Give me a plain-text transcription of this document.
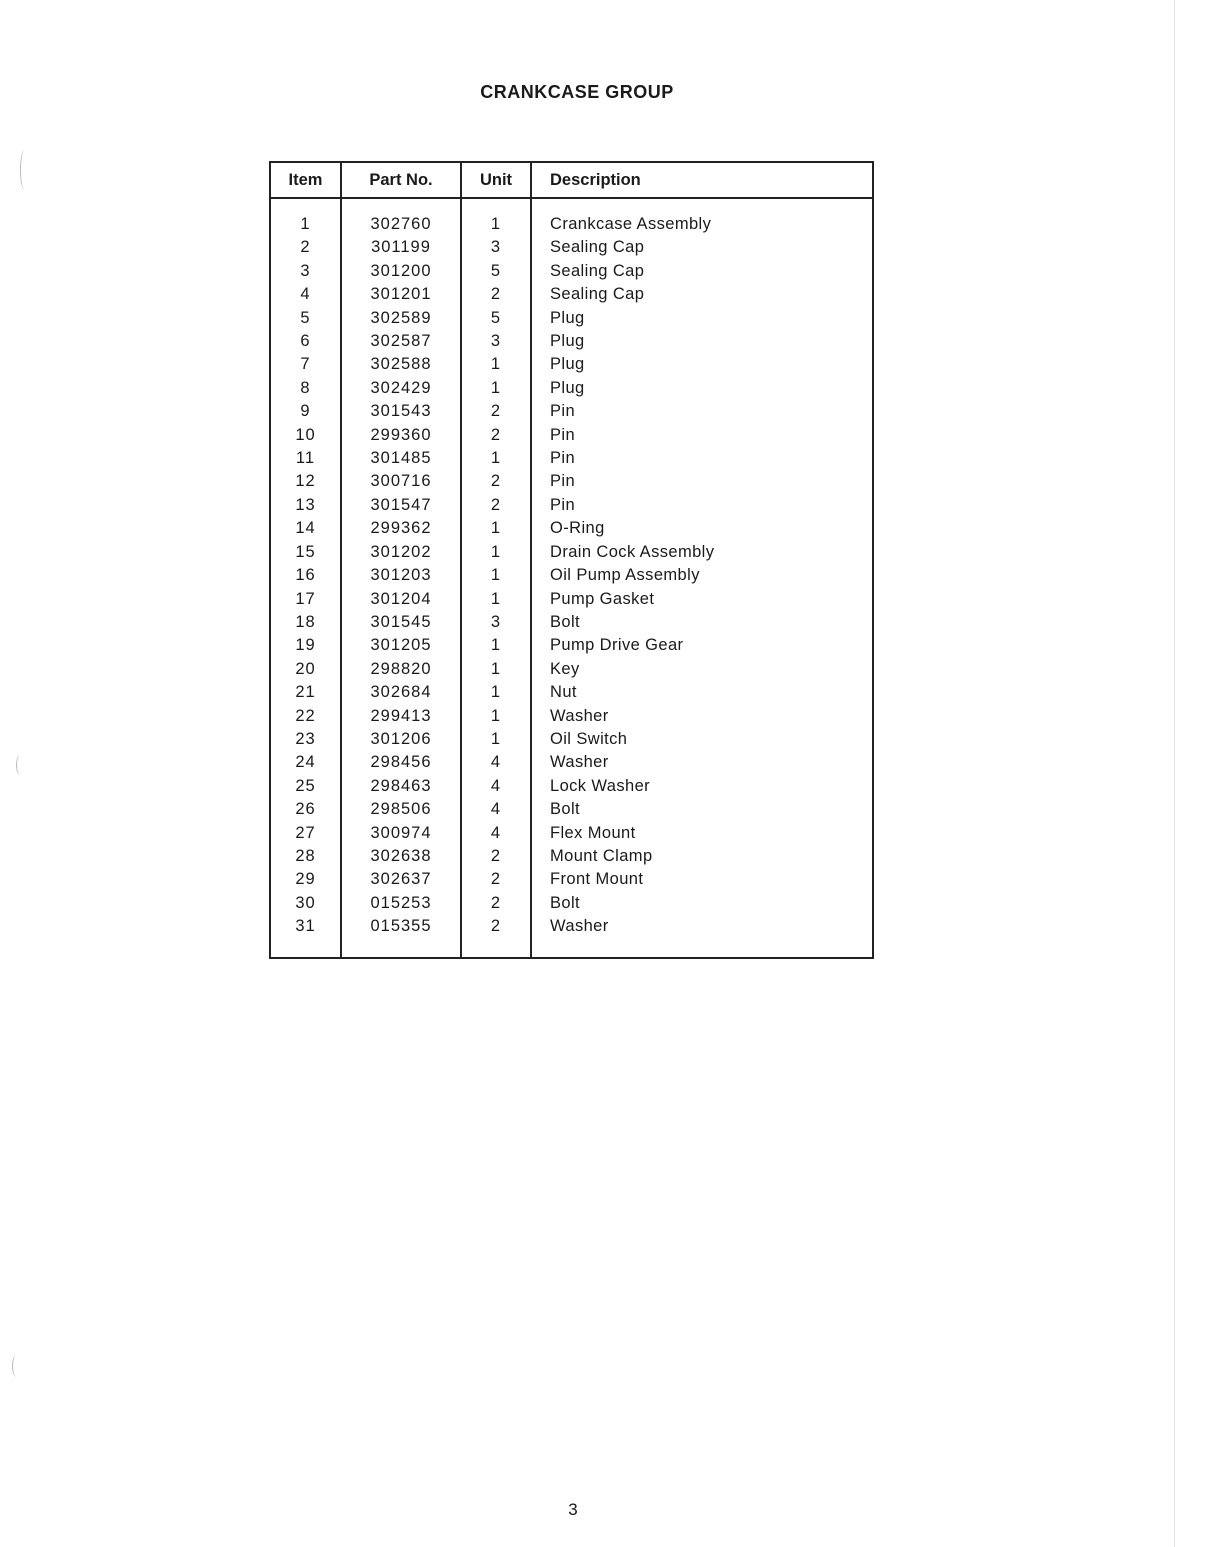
CRANKCASE GROUP
Item	Part No.	Unit	Description

1	302760	1	Crankcase Assembly
2	301199	3	Sealing Cap
3	301200	5	Sealing Cap
4	301201	2	Sealing Cap
5	302589	5	Plug
6	302587	3	Plug
7	302588	1	Plug
8	302429	1	Plug
9	301543	2	Pin
10	299360	2	Pin
11	301485	1	Pin
12	300716	2	Pin
13	301547	2	Pin
14	299362	1	O-Ring
15	301202	1	Drain Cock Assembly
16	301203	1	Oil Pump Assembly
17	301204	1	Pump Gasket
18	301545	3	Bolt
19	301205	1	Pump Drive Gear
20	298820	1	Key
21	302684	1	Nut
22	299413	1	Washer
23	301206	1	Oil Switch
24	298456	4	Washer
25	298463	4	Lock Washer
26	298506	4	Bolt
27	300974	4	Flex Mount
28	302638	2	Mount Clamp
29	302637	2	Front Mount
30	015253	2	Bolt
31	015355	2	Washer

3
